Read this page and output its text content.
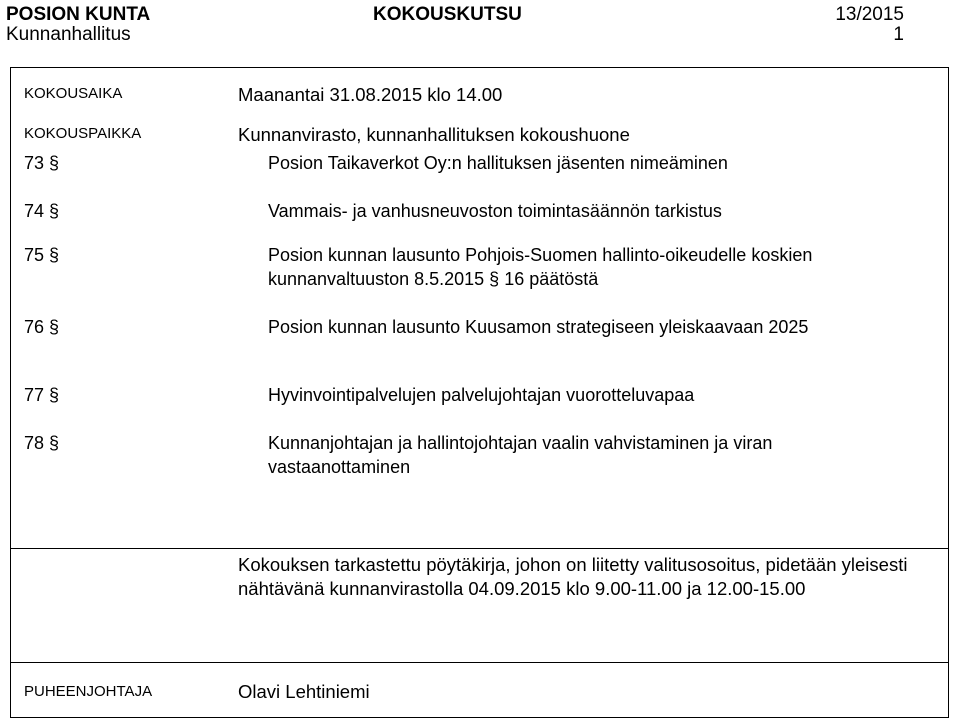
POSION KUNTA	KOKOUSKUTSU	13/2015
Kunnanhallitus	1
KOKOUSAIKA	Maanantai 31.08.2015 klo 14.00
KOKOUSPAIKKA	Kunnanvirasto, kunnanhallituksen kokoushuone
73 §	Posion Taikaverkot Oy:n hallituksen jäsenten nimeäminen
74 §	Vammais- ja vanhusneuvoston toimintasäännön tarkistus
75 §	Posion kunnan lausunto Pohjois-Suomen hallinto-oikeudelle koskien kunnanvaltuuston 8.5.2015 § 16 päätöstä
76 §	Posion kunnan lausunto Kuusamon strategiseen yleiskaavaan 2025
77 §	Hyvinvointipalvelujen palvelujohtajan vuorotteluvapaa
78 §	Kunnanjohtajan ja hallintojohtajan vaalin vahvistaminen ja viran vastaanottaminen
Kokouksen tarkastettu pöytäkirja, johon on liitetty valitusosoitus, pidetään yleisesti nähtävänä kunnanvirastolla 04.09.2015 klo 9.00-11.00 ja 12.00-15.00
PUHEENJOHTAJA	Olavi Lehtiniemi
